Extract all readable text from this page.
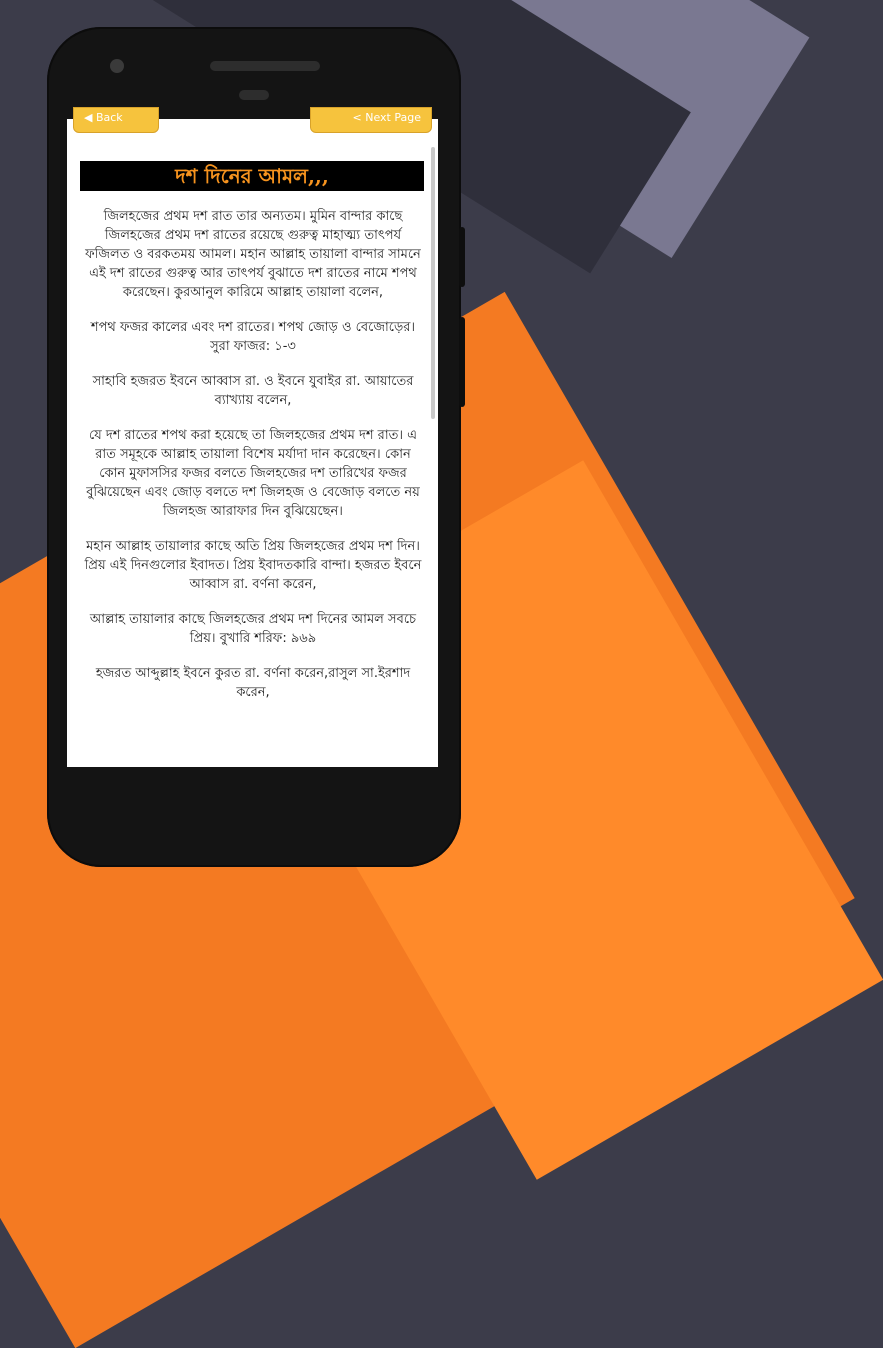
◀ Back	< Next Page
দশ দিনের আমল,,,

জিলহজের প্রথম দশ রাত তার অন্যতম। মুমিন বান্দার কাছে জিলহজের প্রথম দশ রাতের রয়েছে গুরুত্ব মাহাত্ম্য তাৎপর্য ফজিলত ও বরকতময় আমল। মহান আল্লাহ তায়ালা বান্দার সামনে এই দশ রাতের গুরুত্ব আর তাৎপর্য বুঝাতে দশ রাতের নামে শপথ করেছেন। কুরআনুল কারিমে আল্লাহ তায়ালা বলেন,

শপথ ফজর কালের এবং দশ রাতের। শপথ জোড় ও বেজোড়ের। সুরা ফাজর: ১-৩

সাহাবি হজরত ইবনে আব্বাস রা. ও ইবনে যুবাইর রা. আয়াতের ব্যাখ্যায় বলেন,

যে দশ রাতের শপথ করা হয়েছে তা জিলহজের প্রথম দশ রাত। এ রাত সমূহকে আল্লাহ তায়ালা বিশেষ মর্যাদা দান করেছেন। কোন কোন মুফাসসির ফজর বলতে জিলহজের দশ তারিখের ফজর বুঝিয়েছেন এবং জোড় বলতে দশ জিলহজ ও বেজোড় বলতে নয় জিলহজ আরাফার দিন বুঝিয়েছেন।

মহান আল্লাহ তায়ালার কাছে অতি প্রিয় জিলহজের প্রথম দশ দিন। প্রিয় এই দিনগুলোর ইবাদত। প্রিয় ইবাদতকারি বান্দা। হজরত ইবনে আব্বাস রা. বর্ণনা করেন,

আল্লাহ তায়ালার কাছে জিলহজের প্রথম দশ দিনের আমল সবচে প্রিয়। বুখারি শরিফ: ৯৬৯

হজরত আব্দুল্লাহ ইবনে কুরত রা. বর্ণনা করেন,রাসুল সা.ইরশাদ করেন,
